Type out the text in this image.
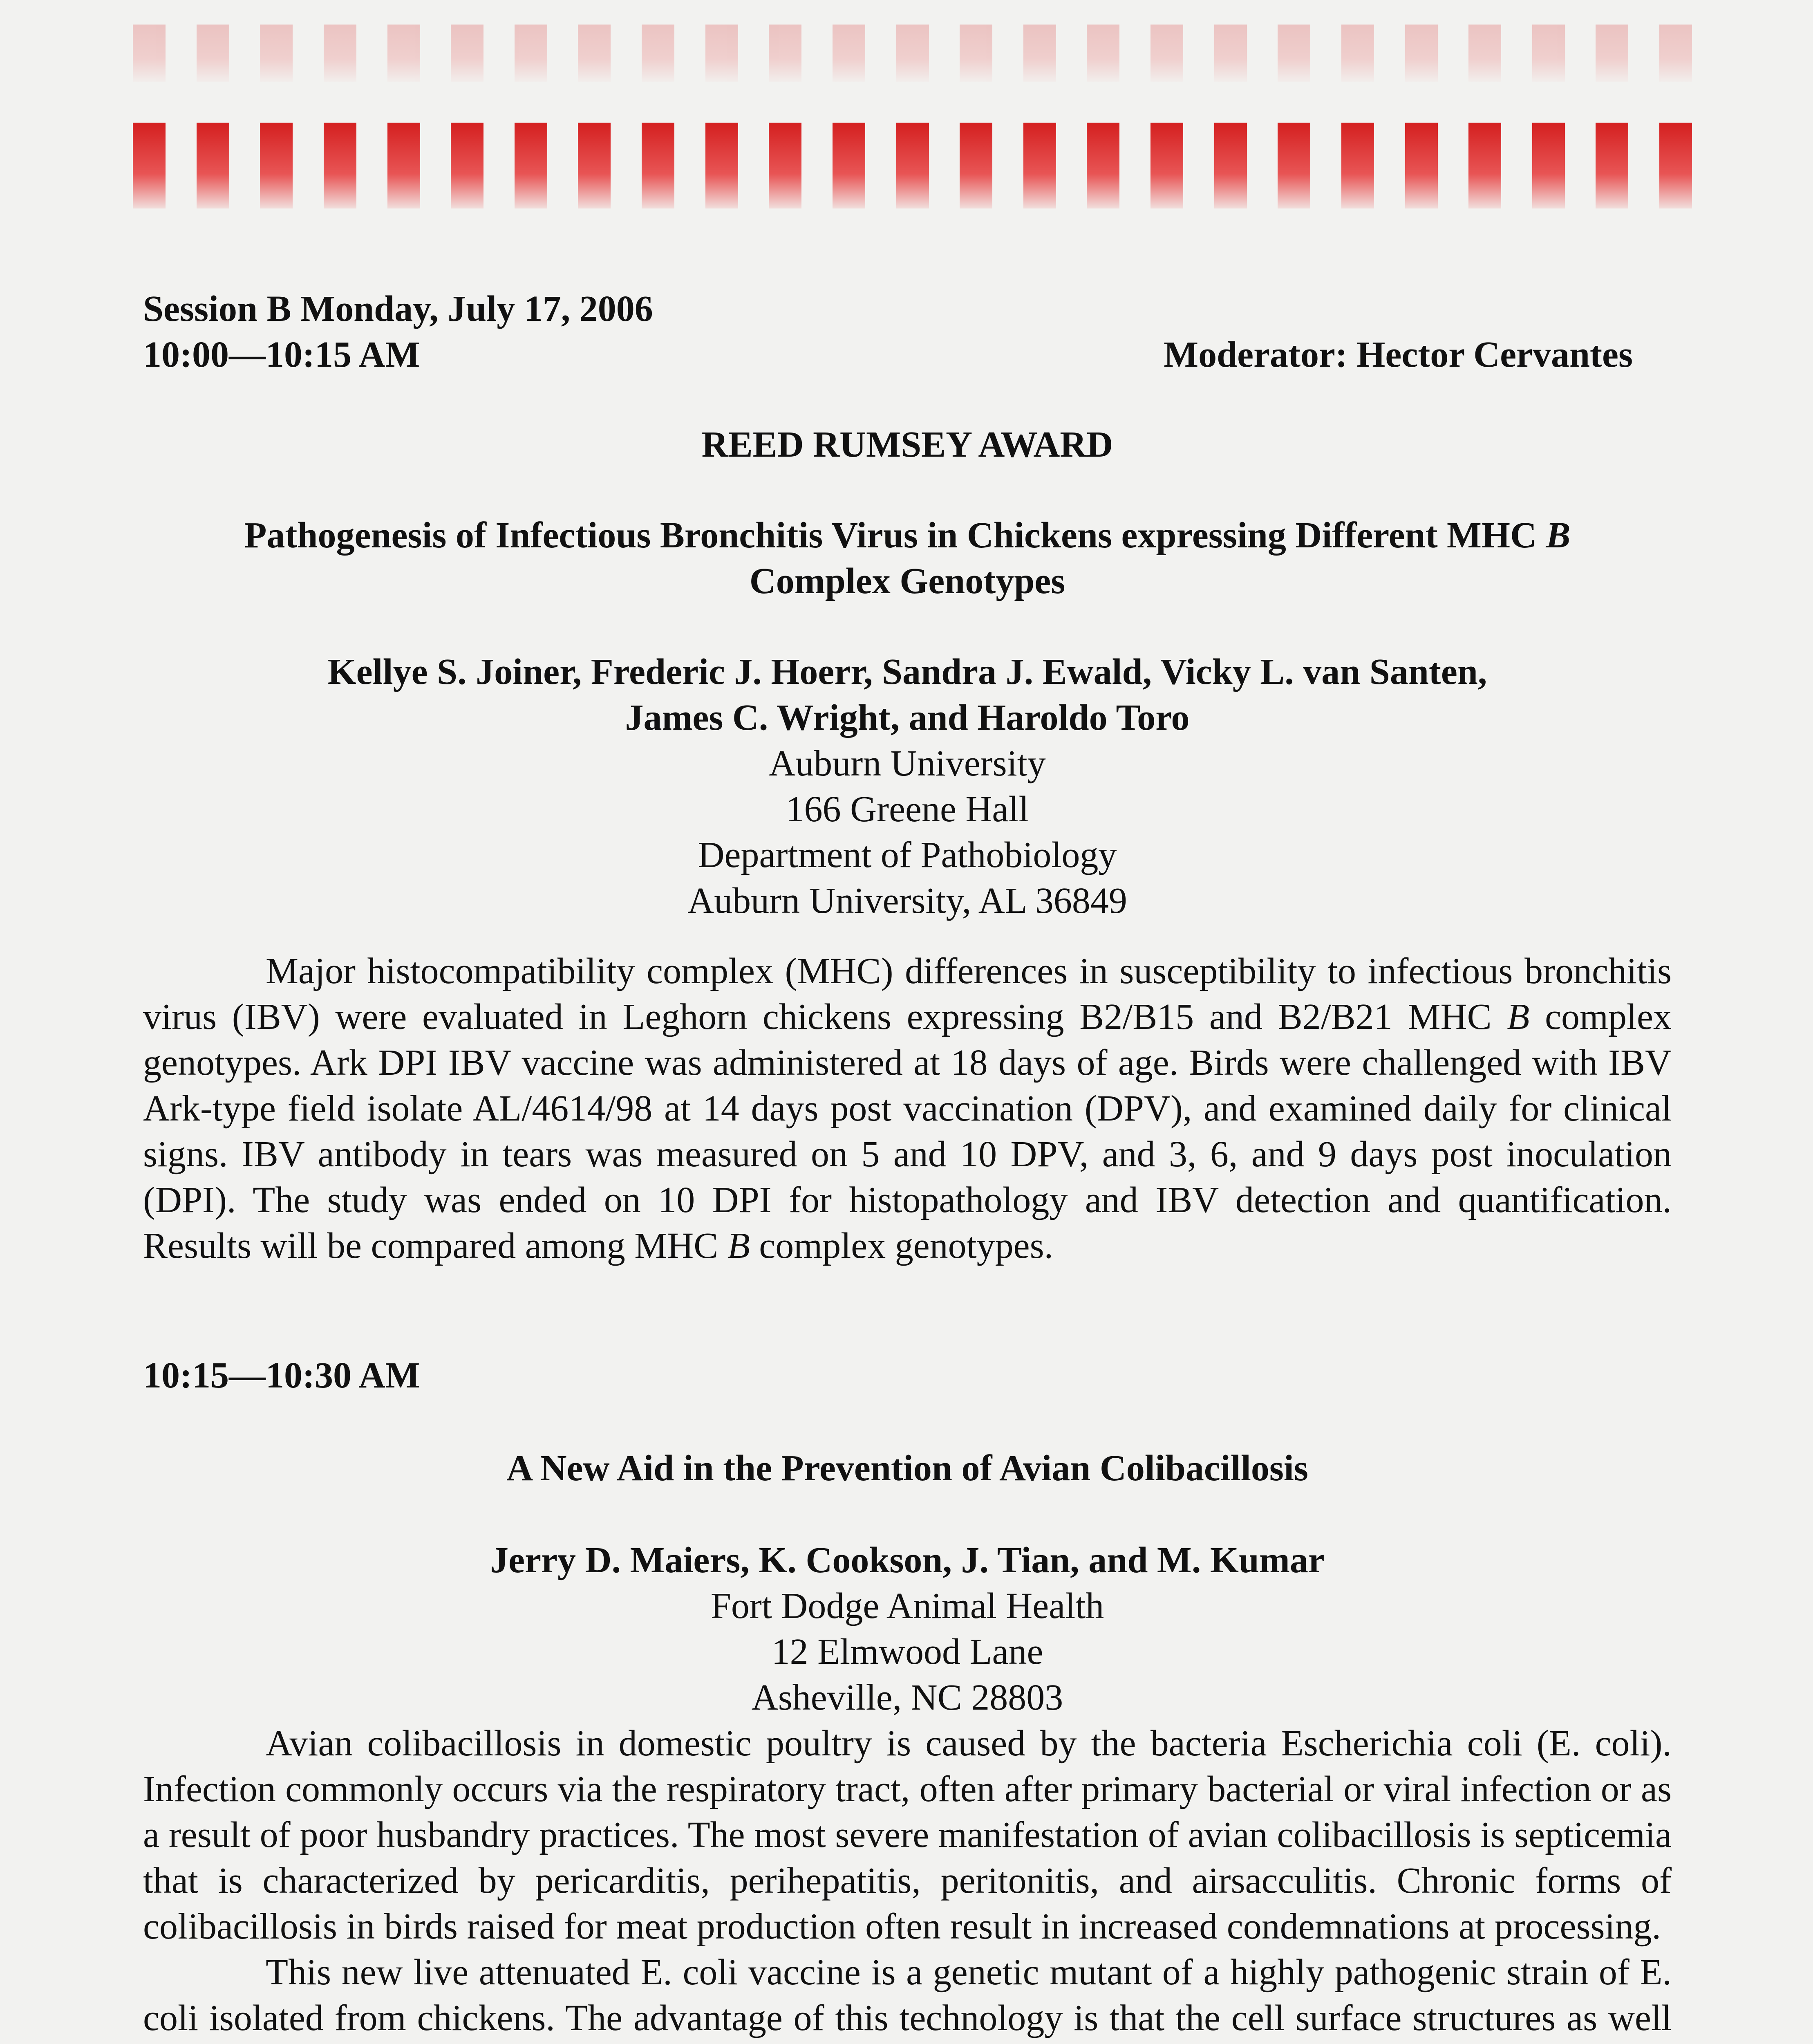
Session B Monday, July 17, 2006
10:00—10:15 AM	Moderator: Hector Cervantes
REED RUMSEY AWARD
Pathogenesis of Infectious Bronchitis Virus in Chickens expressing Different MHC B
Complex Genotypes
Kellye S. Joiner, Frederic J. Hoerr, Sandra J. Ewald, Vicky L. van Santen,
James C. Wright, and Haroldo Toro
Auburn University
166 Greene Hall
Department of Pathobiology
Auburn University, AL 36849

Major histocompatibility complex (MHC) differences in susceptibility to infectious bronchitis virus (IBV) were evaluated in Leghorn chickens expressing B2/B15 and B2/B21 MHC B complex genotypes. Ark DPI IBV vaccine was administered at 18 days of age. Birds were challenged with IBV Ark-type field isolate AL/4614/98 at 14 days post vaccination (DPV), and examined daily for clinical signs. IBV antibody in tears was measured on 5 and 10 DPV, and 3, 6, and 9 days post inoculation (DPI). The study was ended on 10 DPI for histopathology and IBV detection and quantification. Results will be compared among MHC B complex genotypes.

10:15—10:30 AM
A New Aid in the Prevention of Avian Colibacillosis
Jerry D. Maiers, K. Cookson, J. Tian, and M. Kumar
Fort Dodge Animal Health
12 Elmwood Lane
Asheville, NC 28803

Avian colibacillosis in domestic poultry is caused by the bacteria Escherichia coli (E. coli). Infection commonly occurs via the respiratory tract, often after primary bacterial or viral infection or as a result of poor husbandry practices. The most severe manifestation of avian colibacillosis is septicemia that is characterized by pericarditis, perihepatitis, peritonitis, and airsacculitis. Chronic forms of colibacillosis in birds raised for meat production often result in increased condemnations at processing.

This new live attenuated E. coli vaccine is a genetic mutant of a highly pathogenic strain of E. coli isolated from chickens. The advantage of this technology is that the cell surface structures as well
